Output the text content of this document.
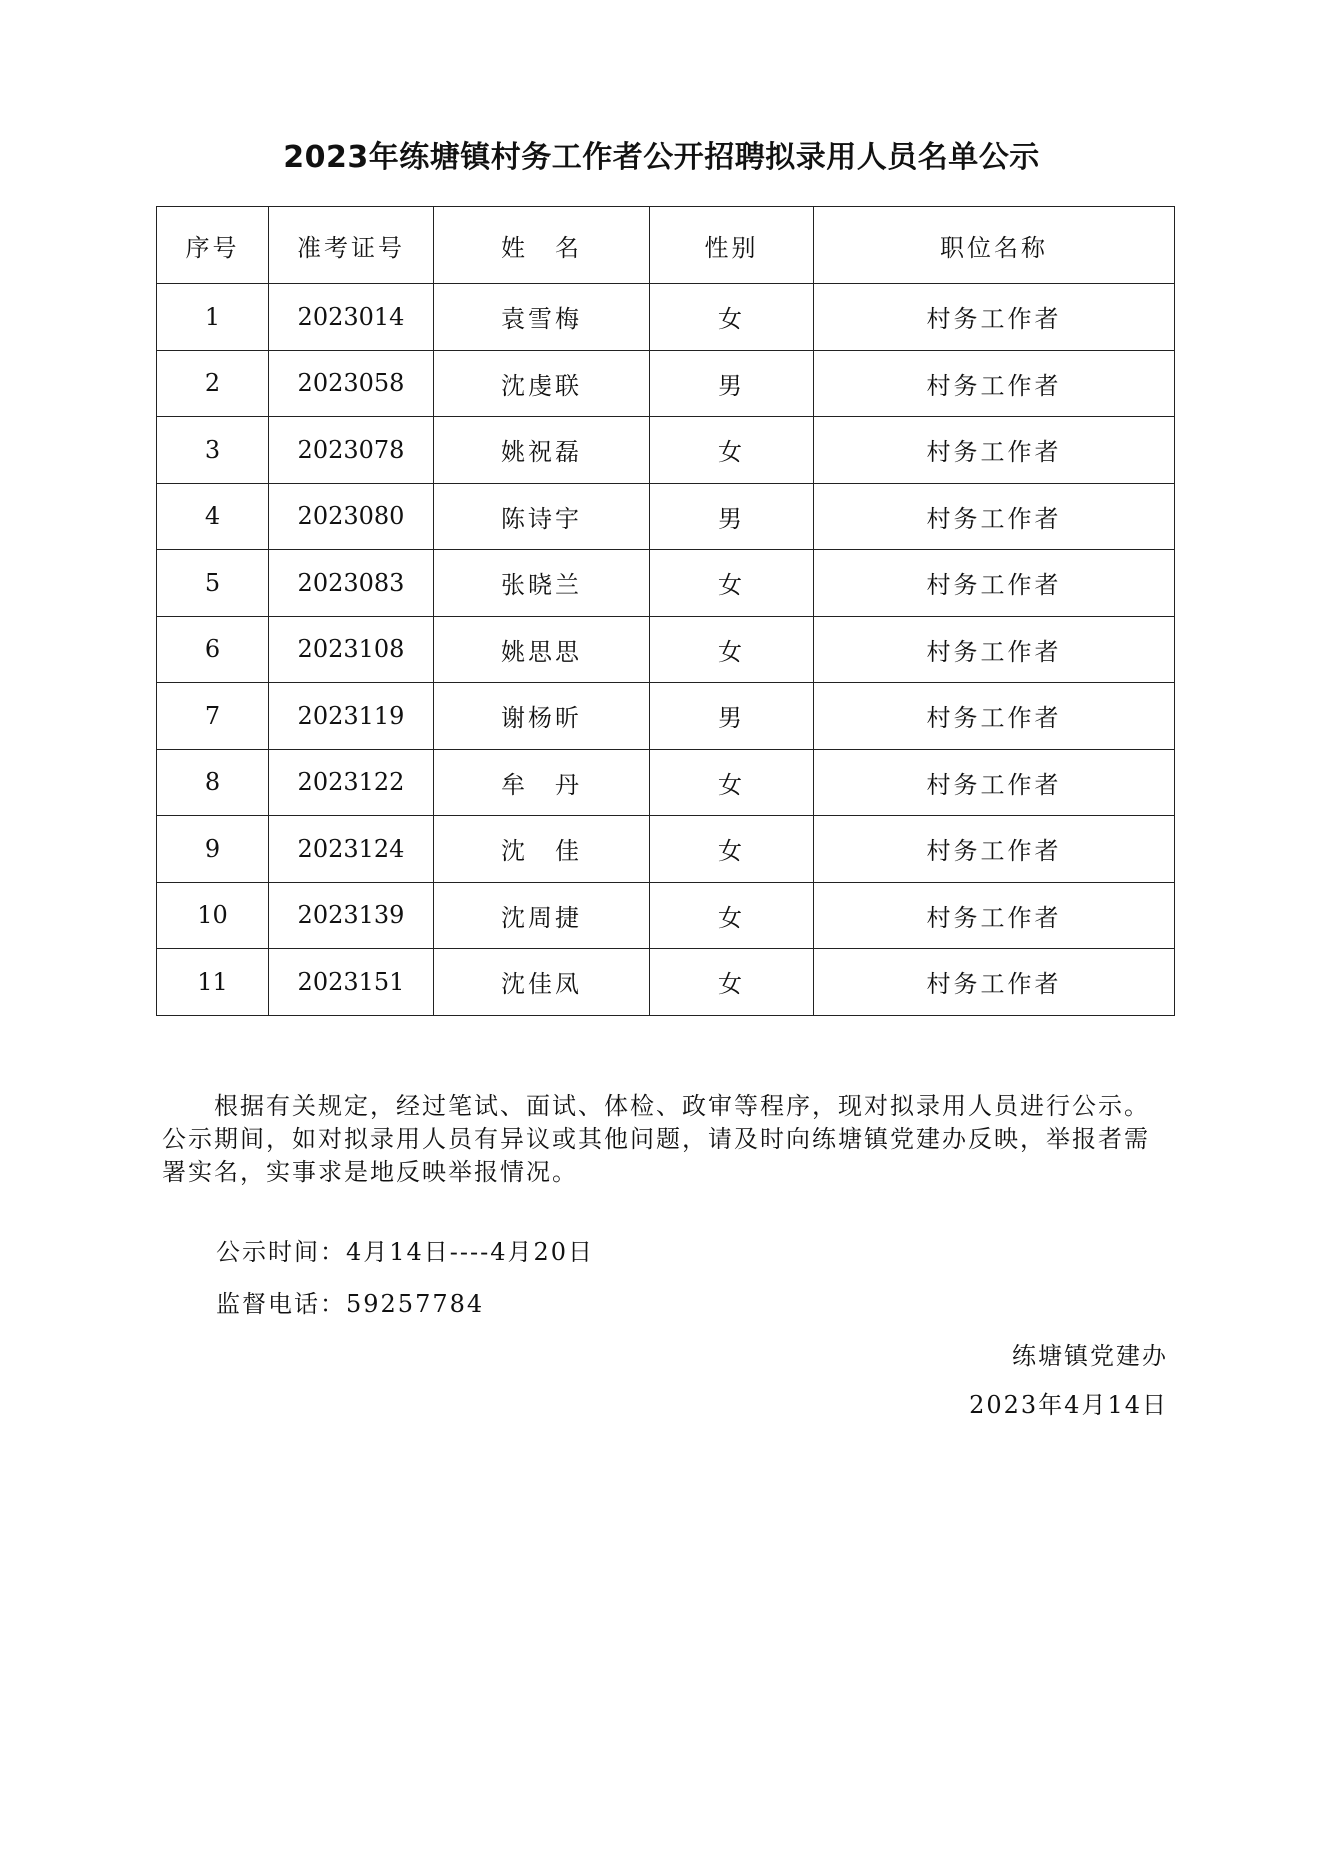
2023年练塘镇村务工作者公开招聘拟录用人员名单公示
序号	准考证号	姓　名	性别	职位名称
1	2023014	袁雪梅	女	村务工作者
2	2023058	沈虔联	男	村务工作者
3	2023078	姚祝磊	女	村务工作者
4	2023080	陈诗宇	男	村务工作者
5	2023083	张晓兰	女	村务工作者
6	2023108	姚思思	女	村务工作者
7	2023119	谢杨昕	男	村务工作者
8	2023122	牟　丹	女	村务工作者
9	2023124	沈　佳	女	村务工作者
10	2023139	沈周捷	女	村务工作者
11	2023151	沈佳凤	女	村务工作者

根据有关规定，经过笔试、面试、体检、政审等程序，现对拟录用人员进行公示。公示期间，如对拟录用人员有异议或其他问题，请及时向练塘镇党建办反映，举报者需署实名，实事求是地反映举报情况。

公示时间：4月14日----4月20日
监督电话：59257784
练塘镇党建办
2023年4月14日
